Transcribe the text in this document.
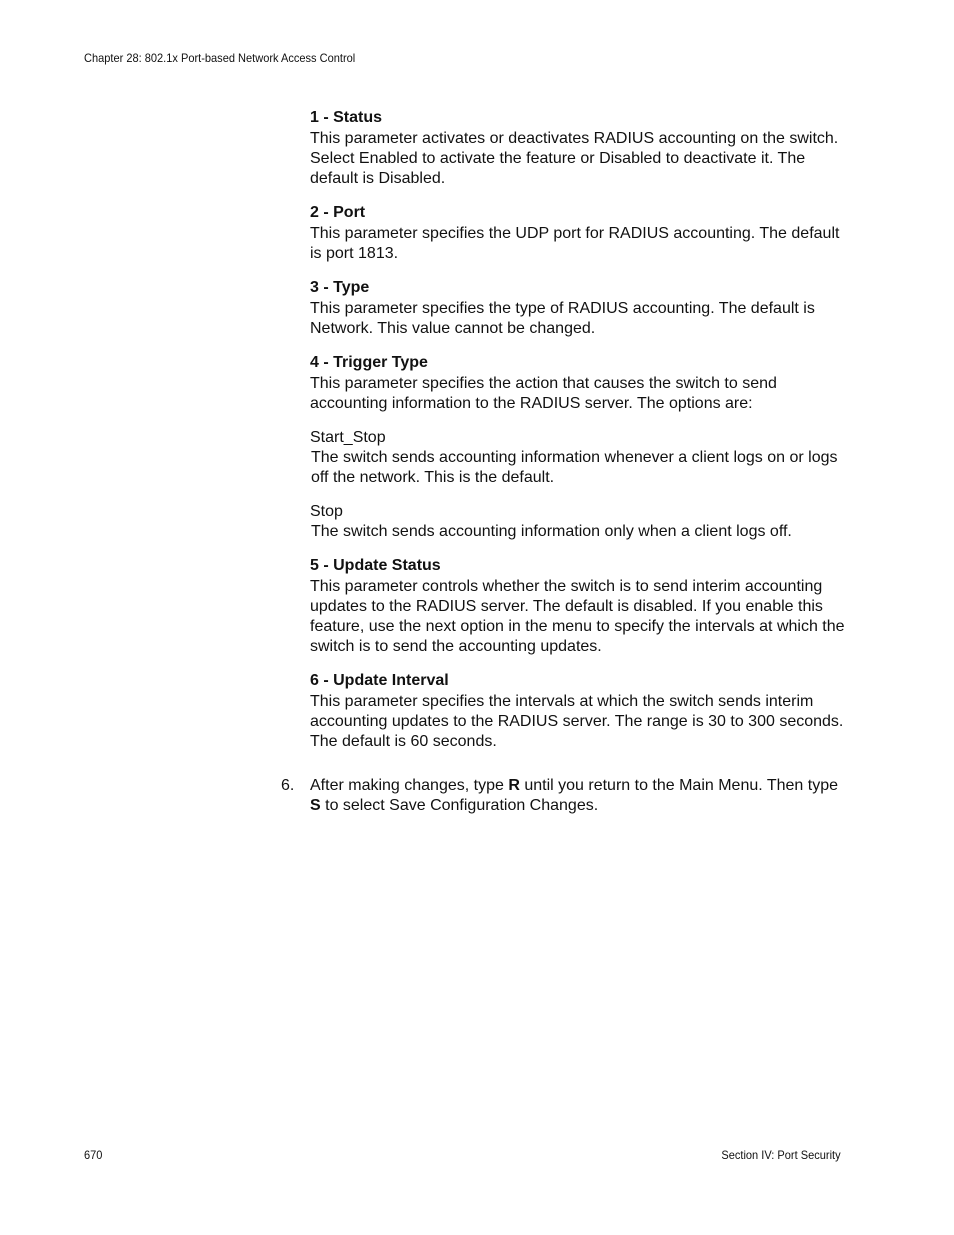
Chapter 28: 802.1x Port-based Network Access Control

1 - Status

This parameter activates or deactivates RADIUS accounting on the switch. Select Enabled to activate the feature or Disabled to deactivate it. The default is Disabled.

2 - Port

This parameter specifies the UDP port for RADIUS accounting. The default is port 1813.

3 - Type

This parameter specifies the type of RADIUS accounting. The default is Network. This value cannot be changed.

4 - Trigger Type

This parameter specifies the action that causes the switch to send accounting information to the RADIUS server. The options are:

Start_Stop

The switch sends accounting information whenever a client logs on or logs off the network. This is the default.

Stop

The switch sends accounting information only when a client logs off.

5 - Update Status

This parameter controls whether the switch is to send interim accounting updates to the RADIUS server. The default is disabled. If you enable this feature, use the next option in the menu to specify the intervals at which the switch is to send the accounting updates.

6 - Update Interval

This parameter specifies the intervals at which the switch sends interim accounting updates to the RADIUS server. The range is 30 to 300 seconds. The default is 60 seconds.

6. After making changes, type R until you return to the Main Menu. Then type S to select Save Configuration Changes.

670	Section IV: Port Security
